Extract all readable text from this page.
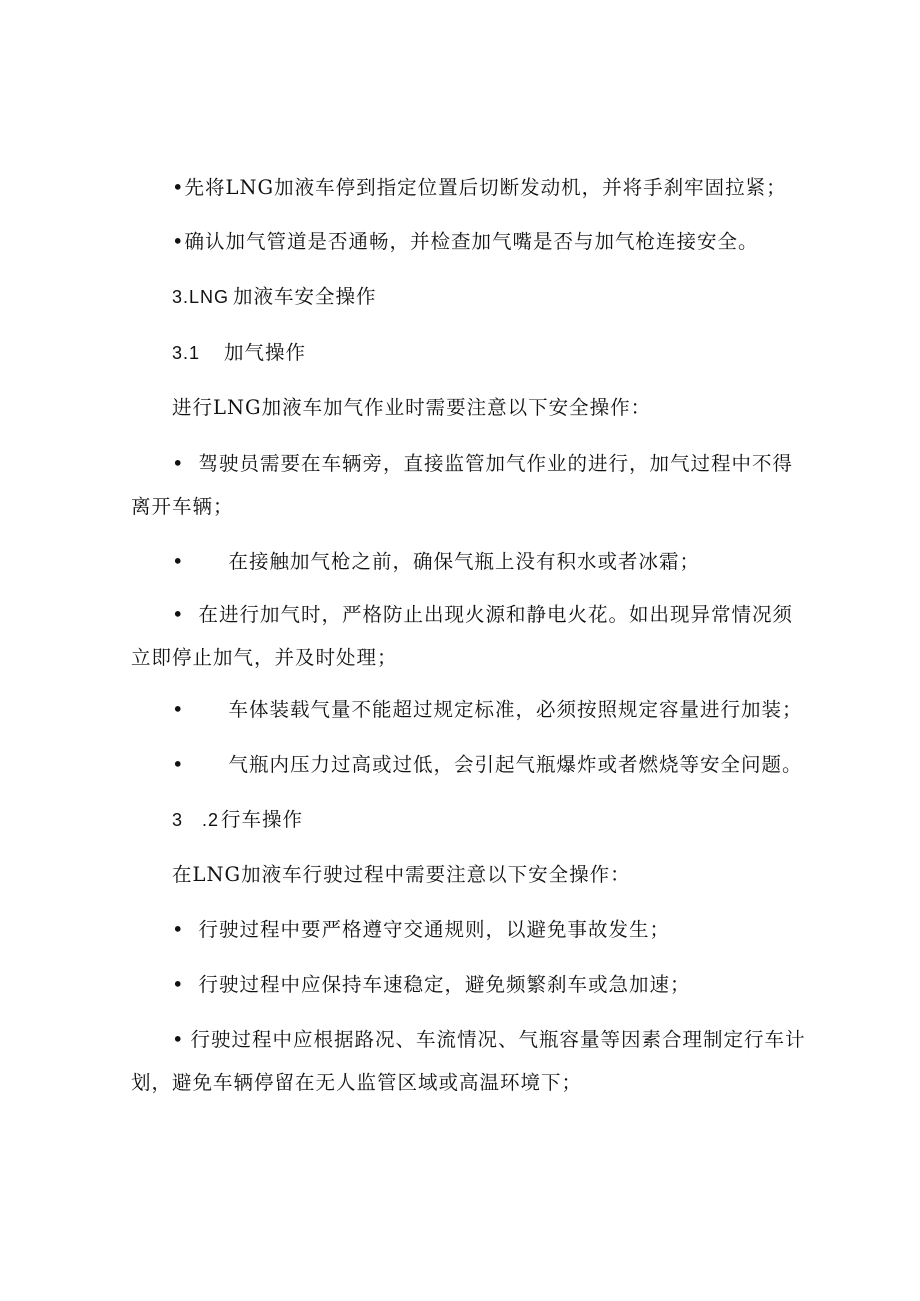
•先将LNG加液车停到指定位置后切断发动机，并将手刹牢固拉紧；
•确认加气管道是否通畅，并检查加气嘴是否与加气枪连接安全。
3.LNG 加液车安全操作
3.1 加气操作
进行LNG加液车加气作业时需要注意以下安全操作：
• 驾驶员需要在车辆旁，直接监管加气作业的进行，加气过程中不得
离开车辆；
• 在接触加气枪之前，确保气瓶上没有积水或者冰霜；
• 在进行加气时，严格防止出现火源和静电火花。如出现异常情况须
立即停止加气，并及时处理；
• 车体装载气量不能超过规定标准，必须按照规定容量进行加装；
• 气瓶内压力过高或过低，会引起气瓶爆炸或者燃烧等安全问题。
3　.2 行车操作
在LNG加液车行驶过程中需要注意以下安全操作：
• 行驶过程中要严格遵守交通规则，以避免事故发生；
• 行驶过程中应保持车速稳定，避免频繁刹车或急加速；
• 行驶过程中应根据路况、车流情况、气瓶容量等因素合理制定行车计
划，避免车辆停留在无人监管区域或高温环境下；
